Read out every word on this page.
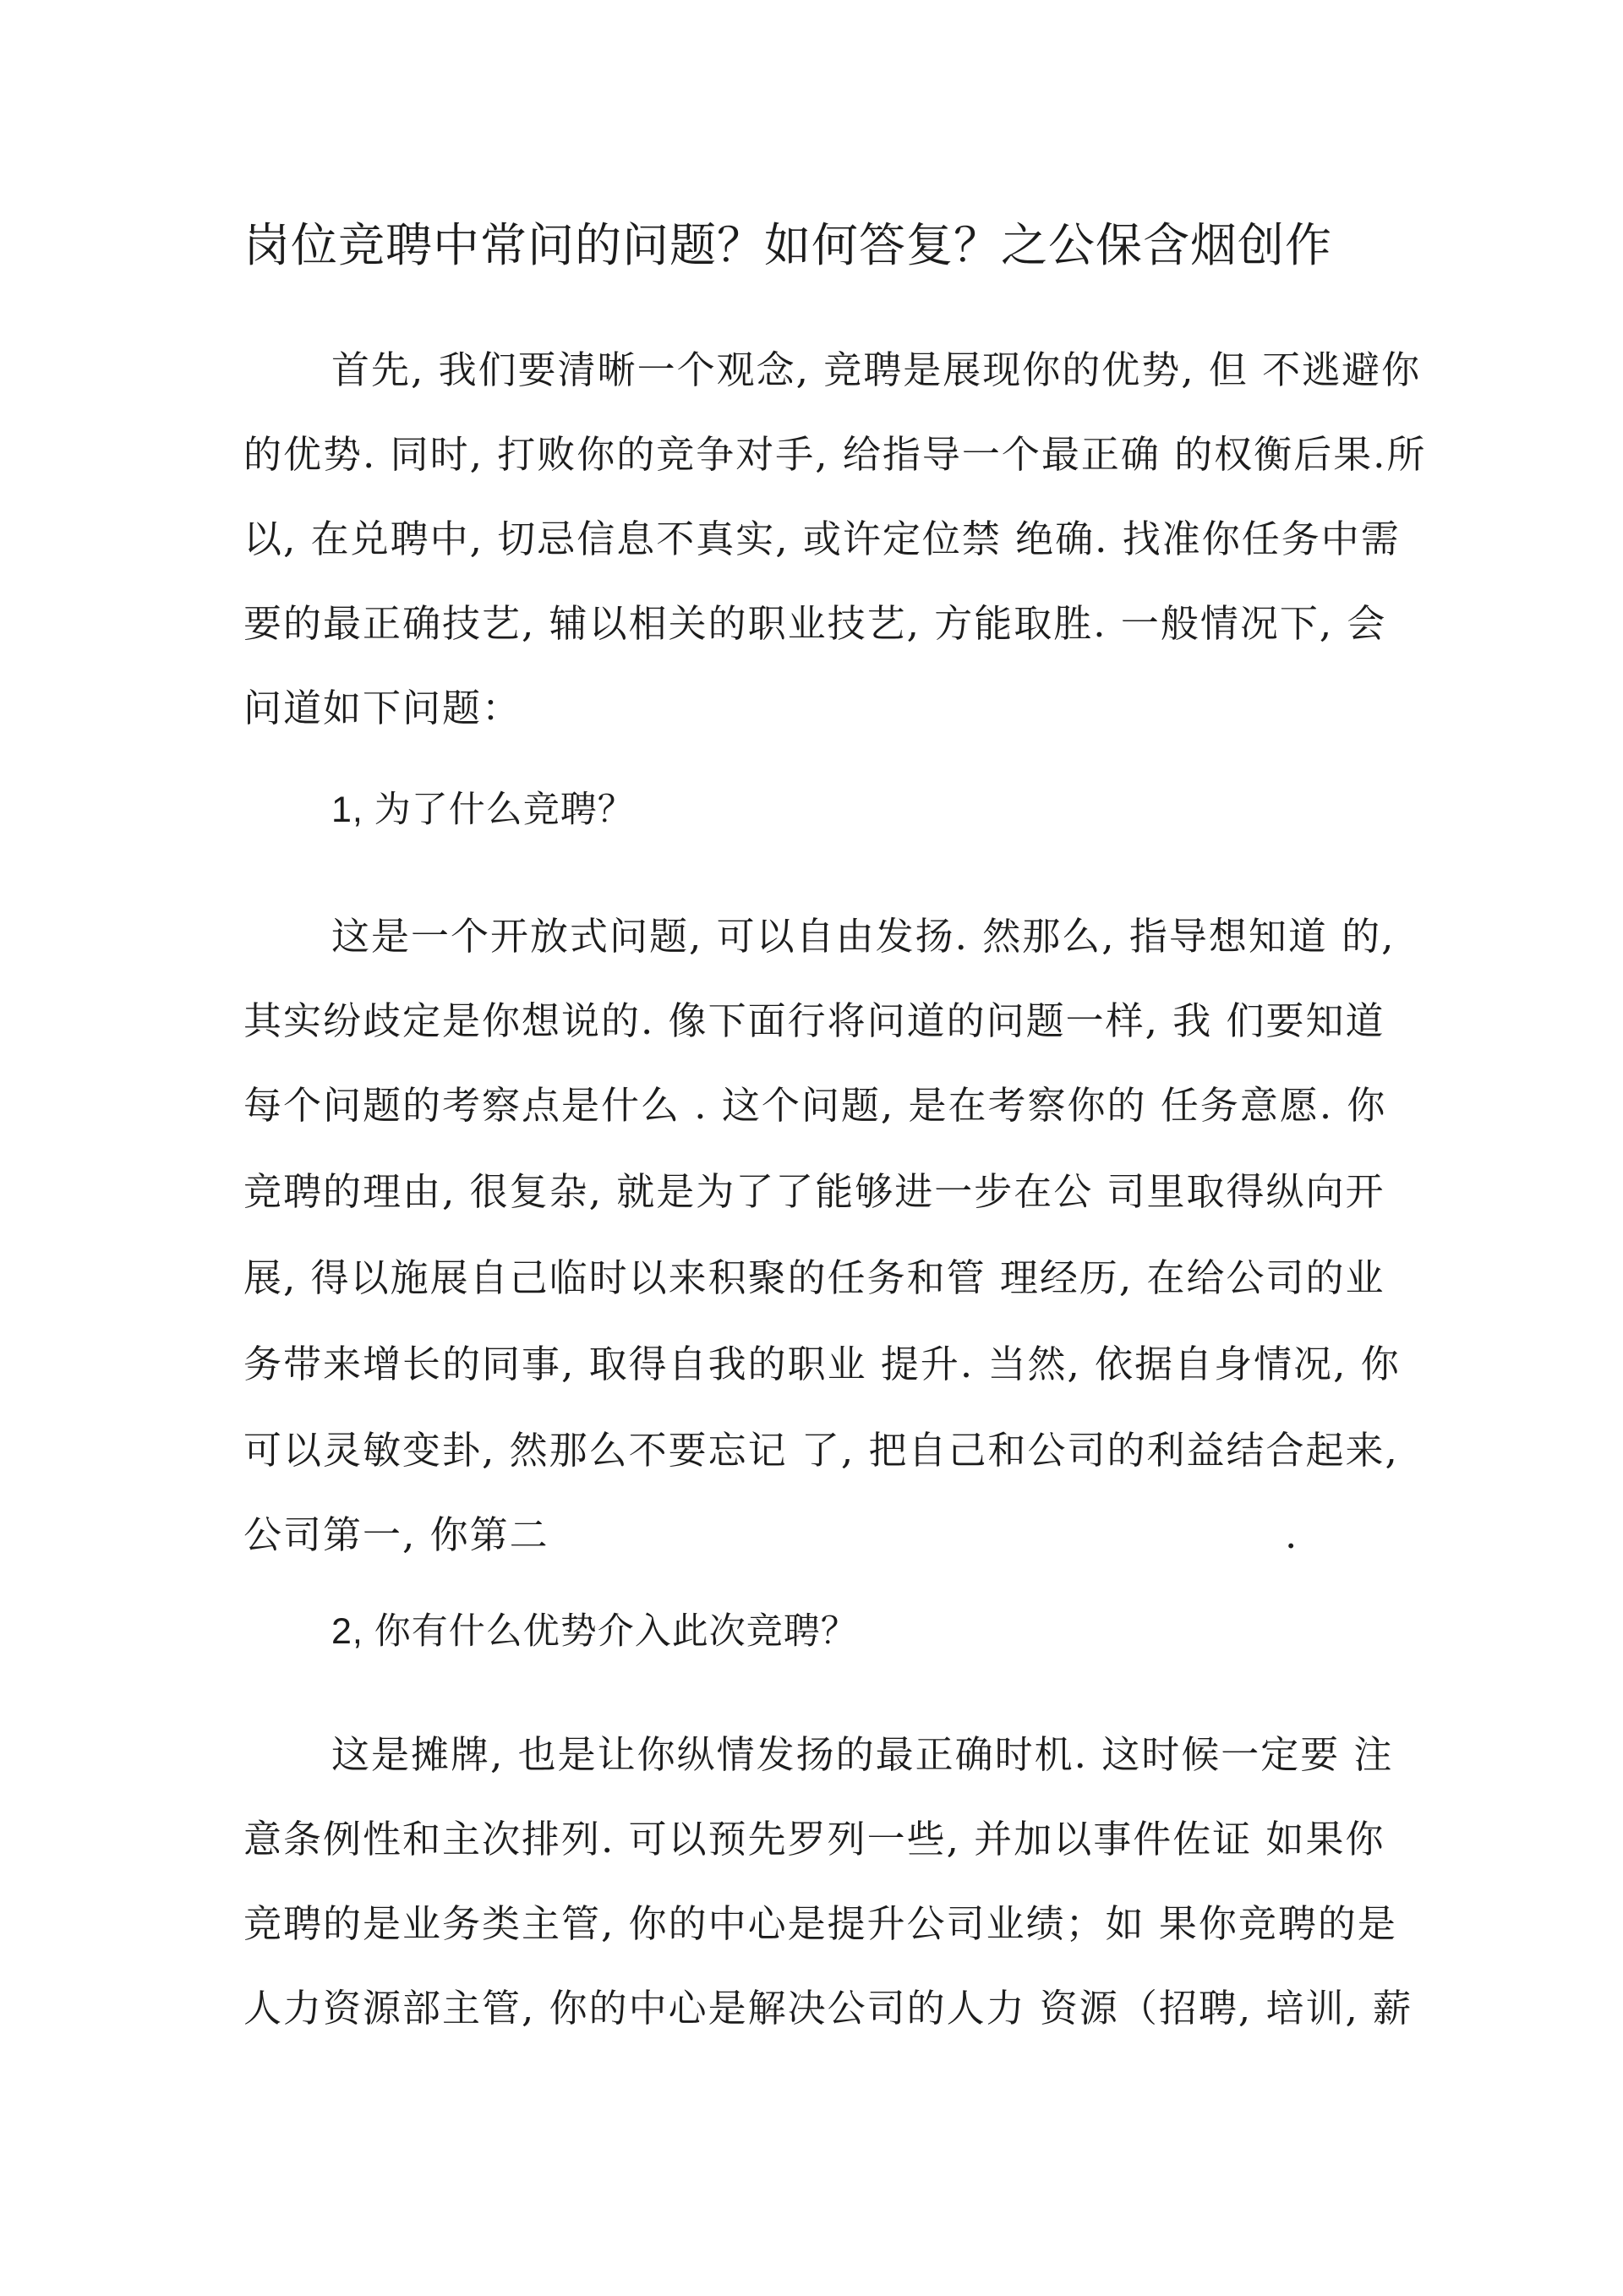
岗位竞聘中常问的问题？如何答复？之公保含烟创作
首先, 我们要清晰一个观念, 竞聘是展现你的优势, 但 不逃避你
的优势. 同时, 打败你的竞争对手, 给指导一个最正确 的权衡后果.所
以, 在兑聘中, 切忌信息不真实, 或许定位禁 绝确. 找准你任务中需
要的最正确技艺, 辅以相关的职业技艺, 方能取胜. 一般情况下, 会
问道如下问题：
1, 为了什么竞聘？
这是一个开放式问题, 可以自由发扬. 然那么, 指导想知道 的,
其实纷歧定是你想说的. 像下面行将问道的问题一样, 我 们要知道
每个问题的考察点是什么 . 这个问题, 是在考察你的 任务意愿. 你
竞聘的理由, 很复杂, 就是为了了能够进一步在公 司里取得纵向开
展, 得以施展自己临时以来积聚的任务和管 理经历, 在给公司的业
务带来增长的同事, 取得自我的职业 提升. 当然, 依据自身情况, 你
可以灵敏变卦, 然那么不要忘记 了, 把自己和公司的利益结合起来,
公司第一, 你第二	.
2, 你有什么优势介入此次竞聘？
这是摊牌, 也是让你纵情发扬的最正确时机. 这时候一定要 注
意条例性和主次排列. 可以预先罗列一些, 并加以事件佐证 如果你
竞聘的是业务类主管, 你的中心是提升公司业绩；如 果你竞聘的是
人力资源部主管, 你的中心是解决公司的人力 资源（招聘, 培训, 薪
